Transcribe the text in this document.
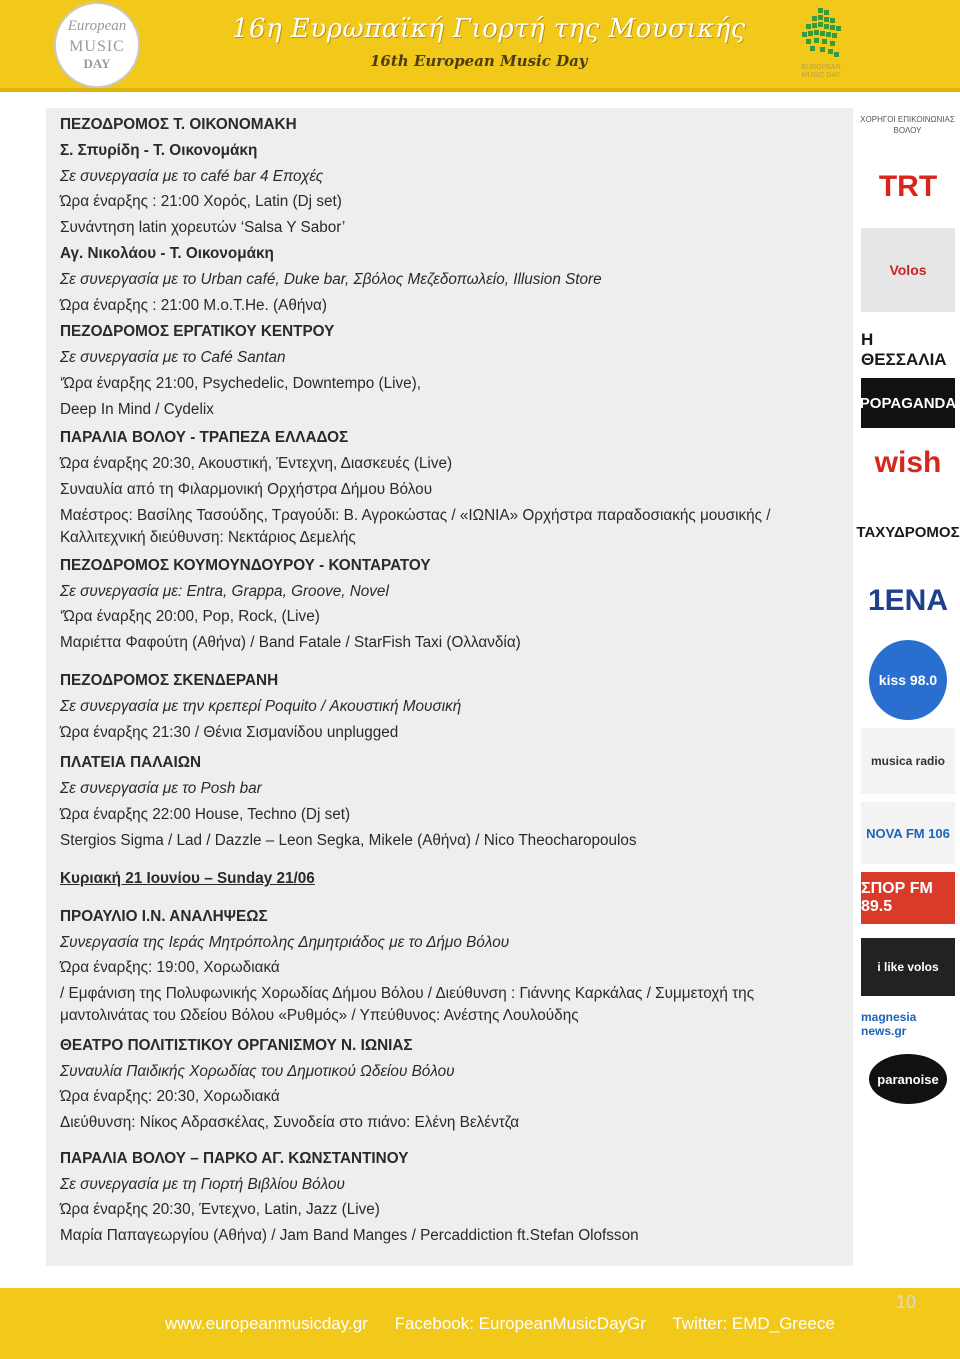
European
MUSIC
DAY
16η Ευρωπαϊκή Γιορτή της Μουσικής
16th European Music Day	EUROPEAN MUSIC DAY

ΠΕΖΟΔΡΟΜΟΣ Τ. ΟΙΚΟΝΟΜΑΚΗ

Σ. Σπυρίδη - Τ. Οικονομάκη

Σε συνεργασία με το café bar 4 Εποχές

Ώρα έναρξης : 21:00 Χορός, Latin (Dj set)

Συνάντηση latin χορευτών ‘Salsa Y Sabor’

Αγ. Νικολάου - Τ. Οικονομάκη

Σε συνεργασία με το Urban café, Duke bar, Σβόλος Μεζεδοπωλείο, Illusion Store

Ώρα έναρξης : 21:00 M.o.T.He. (Αθήνα)

ΠΕΖΟΔΡΟΜΟΣ ΕΡΓΑΤΙΚΟΥ ΚΕΝΤΡΟΥ

Σε συνεργασία με το Café Santan

‘Ώρα έναρξης 21:00, Psychedelic, Downtempo (Live),

Deep In Mind / Cydelix

ΠΑΡΑΛΙΑ ΒΟΛΟΥ - ΤΡΑΠΕΖΑ ΕΛΛΑΔΟΣ

Ώρα έναρξης 20:30, Ακουστική, Έντεχνη, Διασκευές (Live)

Συναυλία από τη Φιλαρμονική Ορχήστρα Δήμου Βόλου

Μαέστρος: Βασίλης Τασούδης, Τραγούδι: Β. Αγροκώστας / «ΙΩΝΙΑ» Ορχήστρα παραδοσιακής μουσικής /

Καλλιτεχνική διεύθυνση: Νεκτάριος Δεμελής

ΠΕΖΟΔΡΟΜΟΣ ΚΟΥΜΟΥΝΔΟΥΡΟΥ - ΚΟΝΤΑΡΑΤΟΥ

Σε συνεργασία με: Entra, Grappa, Groove, Novel

‘Ώρα έναρξης 20:00, Pop, Rock, (Live)

Μαριέττα Φαφούτη (Αθήνα) / Band Fatale / StarFish Taxi (Ολλανδία)

ΠΕΖΟΔΡΟΜΟΣ ΣΚΕΝΔΕΡΑΝΗ

Σε συνεργασία με την κρεπερί Poquito / Ακουστική Μουσική

Ώρα έναρξης 21:30 / Θένια Σισμανίδου unplugged

ΠΛΑΤΕΙΑ ΠΑΛΑΙΩΝ

Σε συνεργασία με το Posh bar

Ώρα έναρξης 22:00 House, Techno (Dj set)

Stergios Sigma / Lad / Dazzle – Leon Segka, Mikele (Αθήνα) / Nico Theocharopoulos

Κυριακή 21 Ιουνίου – Sunday 21/06

ΠΡΟΑΥΛΙΟ Ι.Ν. ΑΝΑΛΗΨΕΩΣ

Συνεργασία της Ιεράς Μητρόπολης Δημητριάδος με το Δήμο Βόλου

Ώρα έναρξης: 19:00, Χορωδιακά

/ Εμφάνιση της Πολυφωνικής Χορωδίας Δήμου Βόλου / Διεύθυνση : Γιάννης Καρκάλας / Συμμετοχή της

μαντολινάτας του Ωδείου Βόλου «Ρυθμός» / Υπεύθυνος: Ανέστης Λουλούδης

ΘΕΑΤΡΟ ΠΟΛΙΤΙΣΤΙΚΟΥ ΟΡΓΑΝΙΣΜΟΥ Ν. ΙΩΝΙΑΣ

Συναυλία Παιδικής Χορωδίας του Δημοτικού Ωδείου Βόλου

Ώρα έναρξης: 20:30, Χορωδιακά

Διεύθυνση: Νίκος Αδρασκέλας, Συνοδεία στο πιάνο: Ελένη Βελέντζα

ΠΑΡΑΛΙΑ ΒΟΛΟΥ – ΠΑΡΚΟ ΑΓ. ΚΩΝΣΤΑΝΤΙΝΟΥ

Σε συνεργασία με τη Γιορτή Βιβλίου Βόλου

Ώρα έναρξης 20:30, Έντεχνο, Latin, Jazz (Live)

Μαρία Παπαγεωργίου (Αθήνα) / Jam Band Manges / Percaddiction ft.Stefan Olofsson

ΧΟΡΗΓΟΙ ΕΠΙΚΟΙΝΩΝΙΑΣ ΒΟΛΟΥ
TRT
Volos
Η ΘΕΣΣΑΛΙΑ
POPAGANDA
wish
ΤΑΧΥΔΡΟΜΟΣ
1ENA
kiss 98.0
musica radio
NOVA FM 106
ΣΠΟΡ FM 89.5
i like volos
magnesia news.gr
paranoise
www.europeanmusicday.gr Facebook: EuropeanMusicDayGr Twitter: EMD_Greece
10
